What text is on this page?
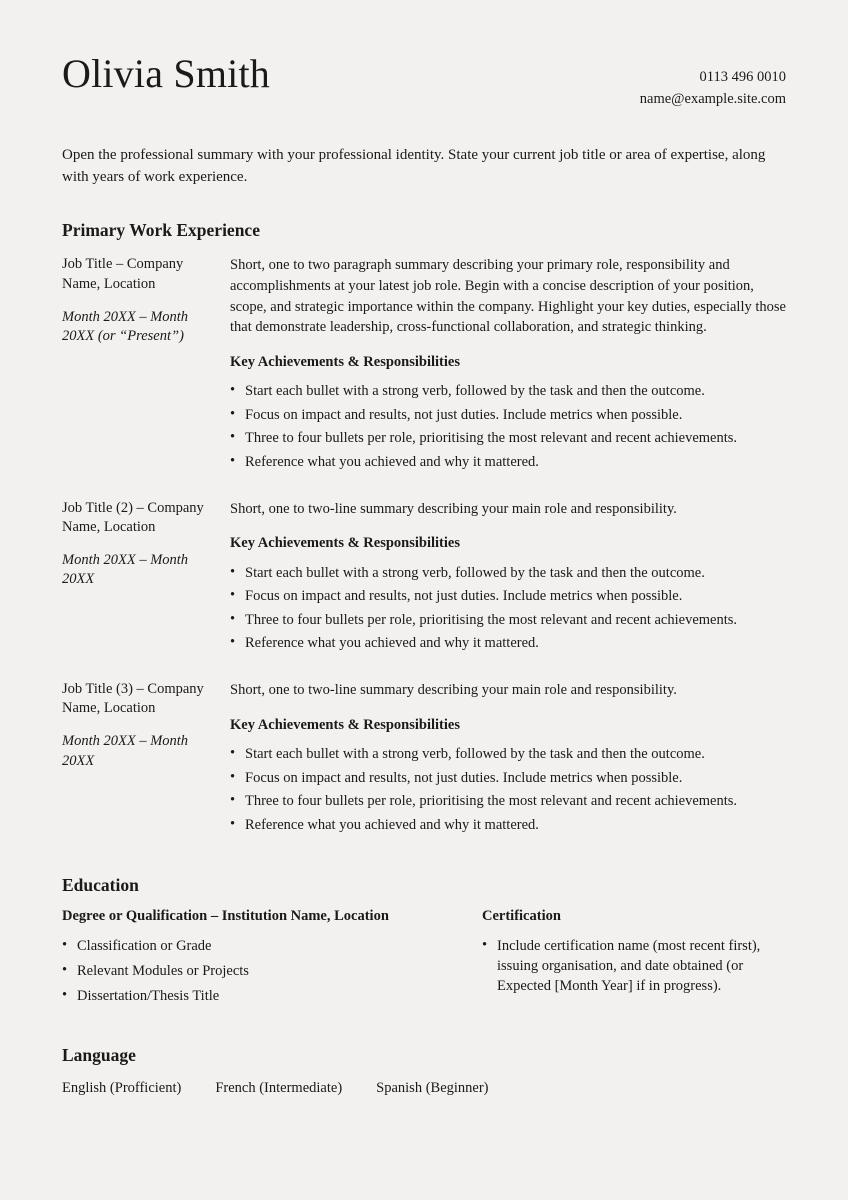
Olivia Smith	0113 496 0010
name@example.site.com
Open the professional summary with your professional identity. State your current job title or area of expertise, along with years of work experience.
Primary Work Experience
Job Title – Company Name, Location
Month 20XX – Month 20XX (or “Present”)

Short, one to two paragraph summary describing your primary role, responsibility and accomplishments at your latest job role. Begin with a concise description of your position, scope, and strategic importance within the company. Highlight your key duties, especially those that demonstrate leadership, cross-functional collaboration, and strategic thinking.

Key Achievements & Responsibilities

• Start each bullet with a strong verb, followed by the task and then the outcome.
• Focus on impact and results, not just duties. Include metrics when possible.
• Three to four bullets per role, prioritising the most relevant and recent achievements.
• Reference what you achieved and why it mattered.
Job Title (2) – Company Name, Location
Month 20XX – Month 20XX

Short, one to two-line summary describing your main role and responsibility.

Key Achievements & Responsibilities

• Start each bullet with a strong verb, followed by the task and then the outcome.
• Focus on impact and results, not just duties. Include metrics when possible.
• Three to four bullets per role, prioritising the most relevant and recent achievements.
• Reference what you achieved and why it mattered.
Job Title (3) – Company Name, Location
Month 20XX – Month 20XX

Short, one to two-line summary describing your main role and responsibility.

Key Achievements & Responsibilities

• Start each bullet with a strong verb, followed by the task and then the outcome.
• Focus on impact and results, not just duties. Include metrics when possible.
• Three to four bullets per role, prioritising the most relevant and recent achievements.
• Reference what you achieved and why it mattered.
Education
Degree or Qualification – Institution Name, Location
• Classification or Grade
• Relevant Modules or Projects
• Dissertation/Thesis Title
Certification
• Include certification name (most recent first), issuing organisation, and date obtained (or Expected [Month Year] if in progress).
Language
English (Profficient) French (Intermediate) Spanish (Beginner)
